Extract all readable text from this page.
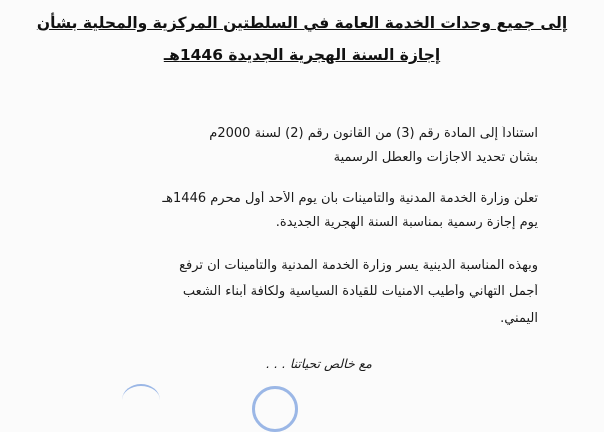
إلى جميع وحدات الخدمة العامة في السلطتين المركزية والمحلية بشأن
إجازة السنة الهجرية الجديدة 1446هـ
استناداً إلى المادة رقم (3) من القانون رقم (2) لسنة 2000م
بشأن تحديد الاجازات والعطل الرسمية
تعلن وزارة الخدمة المدنية والتأمينات بأن يوم الأحد أول محرم 1446هـ
يوم إجازة رسمية بمناسبة السنة الهجرية الجديدة.
وبهذه المناسبة الدينية يسر وزارة الخدمة المدنية والتأمينات ان ترفع
أجمل التهاني وأطيب الامنيات للقيادة السياسية ولكافة أبناء الشعب
اليمني.
مع خالص تحياتنا . . .
